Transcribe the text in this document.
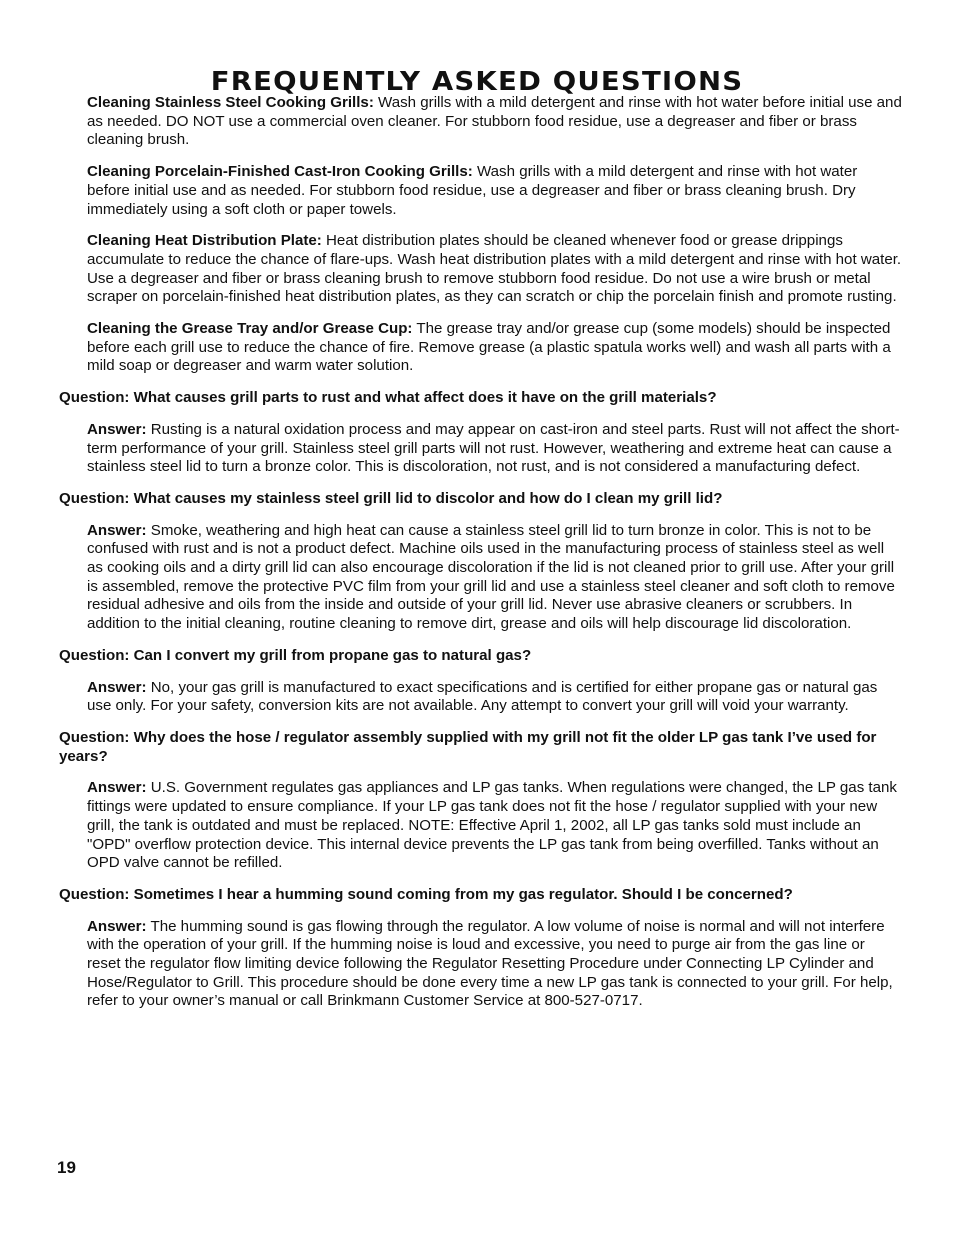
FREQUENTLY ASKED QUESTIONS

Cleaning Stainless Steel Cooking Grills: Wash grills with a mild detergent and rinse with hot water before initial use and as needed. DO NOT use a commercial oven cleaner. For stubborn food residue, use a degreaser and fiber or brass cleaning brush.

Cleaning Porcelain-Finished Cast-Iron Cooking Grills: Wash grills with a mild detergent and rinse with hot water before initial use and as needed. For stubborn food residue, use a degreaser and fiber or brass cleaning brush. Dry immediately using a soft cloth or paper towels.

Cleaning Heat Distribution Plate: Heat distribution plates should be cleaned whenever food or grease drippings accumulate to reduce the chance of flare-ups. Wash heat distribution plates with a mild detergent and rinse with hot water. Use a degreaser and fiber or brass cleaning brush to remove stubborn food residue. Do not use a wire brush or metal scraper on porcelain-finished heat distribution plates, as they can scratch or chip the porcelain finish and promote rusting.

Cleaning the Grease Tray and/or Grease Cup: The grease tray and/or grease cup (some models) should be inspected before each grill use to reduce the chance of fire. Remove grease (a plastic spatula works well) and wash all parts with a mild soap or degreaser and warm water solution.

Question: What causes grill parts to rust and what affect does it have on the grill materials?

Answer: Rusting is a natural oxidation process and may appear on cast-iron and steel parts. Rust will not affect the short-term performance of your grill. Stainless steel grill parts will not rust. However, weathering and extreme heat can cause a stainless steel lid to turn a bronze color. This is discoloration, not rust, and is not considered a manufacturing defect.

Question: What causes my stainless steel grill lid to discolor and how do I clean my grill lid?

Answer: Smoke, weathering and high heat can cause a stainless steel grill lid to turn bronze in color. This is not to be confused with rust and is not a product defect. Machine oils used in the manufacturing process of stainless steel as well as cooking oils and a dirty grill lid can also encourage discoloration if the lid is not cleaned prior to grill use. After your grill is assembled, remove the protective PVC film from your grill lid and use a stainless steel cleaner and soft cloth to remove residual adhesive and oils from the inside and outside of your grill lid. Never use abrasive cleaners or scrubbers. In addition to the initial cleaning, routine cleaning to remove dirt, grease and oils will help discourage lid discoloration.

Question: Can I convert my grill from propane gas to natural gas?

Answer: No, your gas grill is manufactured to exact specifications and is certified for either propane gas or natural gas use only. For your safety, conversion kits are not available. Any attempt to convert your grill will void your warranty.

Question: Why does the hose / regulator assembly supplied with my grill not fit the older LP gas tank I’ve used for years?

Answer: U.S. Government regulates gas appliances and LP gas tanks. When regulations were changed, the LP gas tank fittings were updated to ensure compliance. If your LP gas tank does not fit the hose / regulator supplied with your new grill, the tank is outdated and must be replaced. NOTE: Effective April 1, 2002, all LP gas tanks sold must include an "OPD" overflow protection device. This internal device prevents the LP gas tank from being overfilled. Tanks without an OPD valve cannot be refilled.

Question: Sometimes I hear a humming sound coming from my gas regulator. Should I be concerned?

Answer: The humming sound is gas flowing through the regulator. A low volume of noise is normal and will not interfere with the operation of your grill. If the humming noise is loud and excessive, you need to purge air from the gas line or reset the regulator flow limiting device following the Regulator Resetting Procedure under Connecting LP Cylinder and Hose/Regulator to Grill. This procedure should be done every time a new LP gas tank is connected to your grill. For help, refer to your owner’s manual or call Brinkmann Customer Service at 800-527-0717.

19
